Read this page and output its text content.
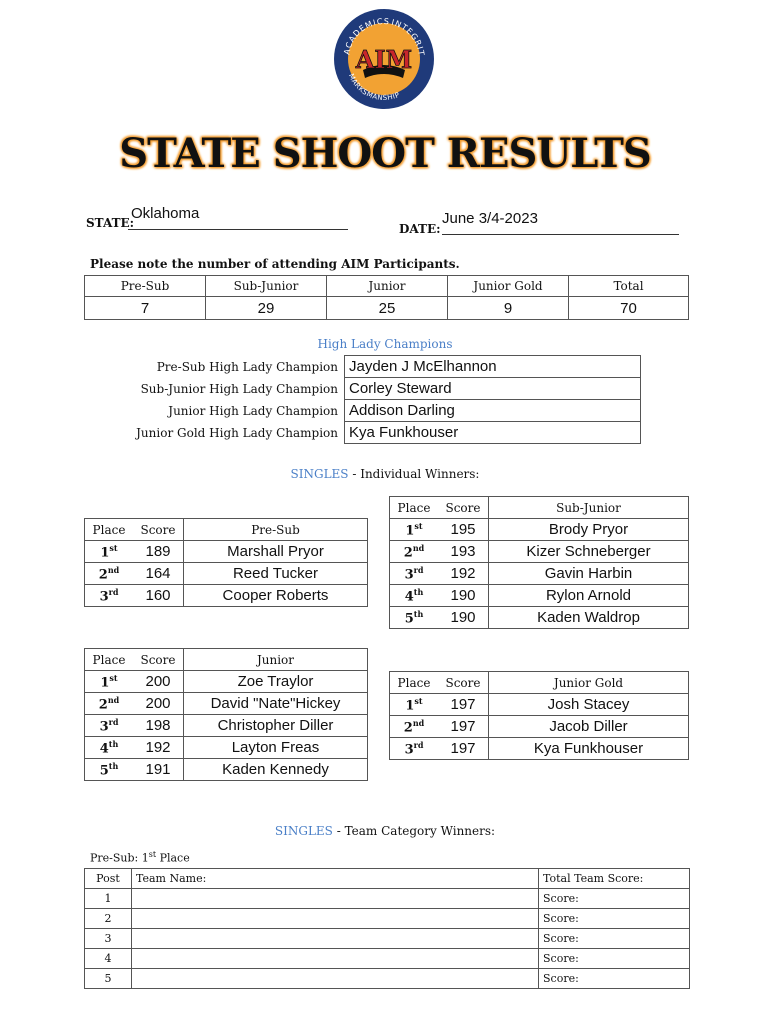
ACADEMICS INTEGRIT
MARKSMANSHIP
AIM
STATE SHOOT RESULTS
STATE:
Oklahoma
DATE:
June 3/4-2023
Please note the number of attending AIM Participants.
Pre-Sub	Sub-Junior	Junior	Junior Gold	Total
7	29	25	9	70
High Lady Champions
Pre-Sub High Lady Champion	Jayden J McElhannon
Sub-Junior High Lady Champion	Corley Steward
Junior High Lady Champion	Addison Darling
Junior Gold High Lady Champion	Kya Funkhouser
SINGLES - Individual Winners:
Place	Score	Pre-Sub
1st	189	Marshall Pryor
2nd	164	Reed Tucker
3rd	160	Cooper Roberts
Place	Score	Sub-Junior
1st	195	Brody Pryor
2nd	193	Kizer Schneberger
3rd	192	Gavin Harbin
4th	190	Rylon Arnold
5th	190	Kaden Waldrop
Place	Score	Junior
1st	200	Zoe Traylor
2nd	200	David "Nate"Hickey
3rd	198	Christopher Diller
4th	192	Layton Freas
5th	191	Kaden Kennedy
Place	Score	Junior Gold
1st	197	Josh Stacey
2nd	197	Jacob Diller
3rd	197	Kya Funkhouser
SINGLES - Team Category Winners:
Pre-Sub: 1st Place
Post	Team Name:	Total Team Score:
1		Score:
2		Score:
3		Score:
4		Score:
5		Score:
